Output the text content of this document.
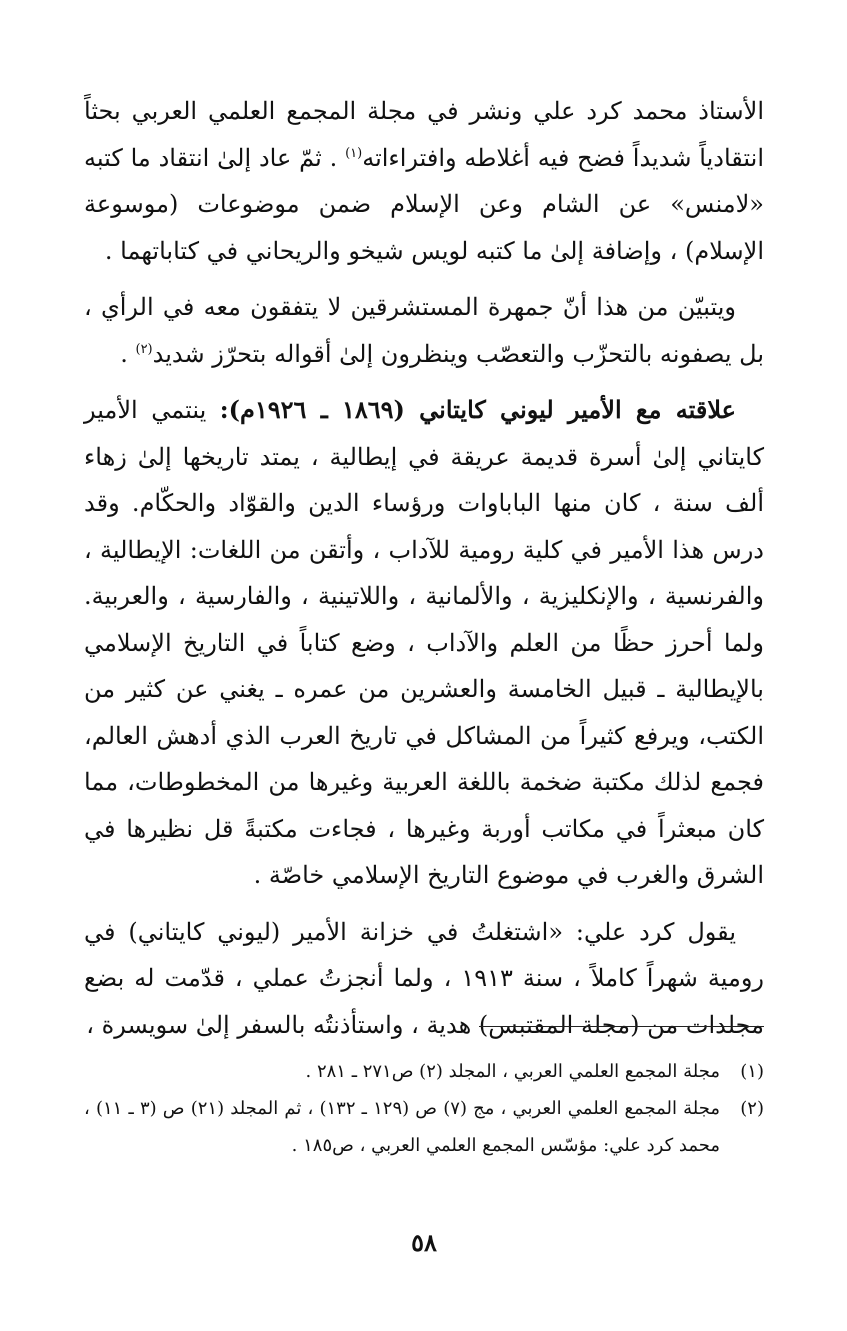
الأستاذ محمد كرد علي ونشر في مجلة المجمع العلمي العربي بحثاً انتقادياً شديداً فضح فيه أغلاطه وافتراءاته$^{(١)}$ . ثمّ عاد إلىٰ انتقاد ما كتبه «لامنس» عن الشام وعن الإسلام ضمن موضوعات (موسوعة الإسلام) ، وإضافة إلىٰ ما كتبه لويس شيخو والريحاني في كتاباتهما .

ويتبيّن من هذا أنّ جمهرة المستشرقين لا يتفقون معه في الرأي ، بل يصفونه بالتحزّب والتعصّب وينظرون إلىٰ أقواله بتحرّز شديد$^{(٢)}$ .

علاقته مع الأمير ليوني كايتاني (١٨٦٩ ـ ١٩٢٦م): ينتمي الأمير كايتاني إلىٰ أسرة قديمة عريقة في إيطالية ، يمتد تاريخها إلىٰ زهاء ألف سنة ، كان منها الباباوات ورؤساء الدين والقوّاد والحكّام. وقد درس هذا الأمير في كلية رومية للآداب ، وأتقن من اللغات: الإيطالية ، والفرنسية ، والإنكليزية ، والألمانية ، واللاتينية ، والفارسية ، والعربية. ولما أحرز حظًا من العلم والآداب ، وضع كتاباً في التاريخ الإسلامي بالإيطالية ـ قبيل الخامسة والعشرين من عمره ـ يغني عن كثير من الكتب، ويرفع كثيراً من المشاكل في تاريخ العرب الذي أدهش العالم، فجمع لذلك مكتبة ضخمة باللغة العربية وغيرها من المخطوطات، مما كان مبعثراً في مكاتب أوربة وغيرها ، فجاءت مكتبةً قل نظيرها في الشرق والغرب في موضوع التاريخ الإسلامي خاصّة .

يقول كرد علي: «اشتغلتُ في خزانة الأمير (ليوني كايتاني) في رومية شهراً كاملاً ، سنة ١٩١٣ ، ولما أنجزتُ عملي ، قدّمت له بضع مجلدات من (مجلة المقتبس) هدية ، واستأذنتُه بالسفر إلىٰ سويسرة ،

(١)
مجلة المجمع العلمي العربي ، المجلد (٢) ص٢٧١ ـ ٢٨١ .
(٢)
مجلة المجمع العلمي العربي ، مج (٧) ص (١٢٩ ـ ١٣٢) ، ثم المجلد (٢١) ص (٣ ـ ١١) ، محمد كرد علي: مؤسّس المجمع العلمي العربي ، ص١٨٥ .
٥٨
